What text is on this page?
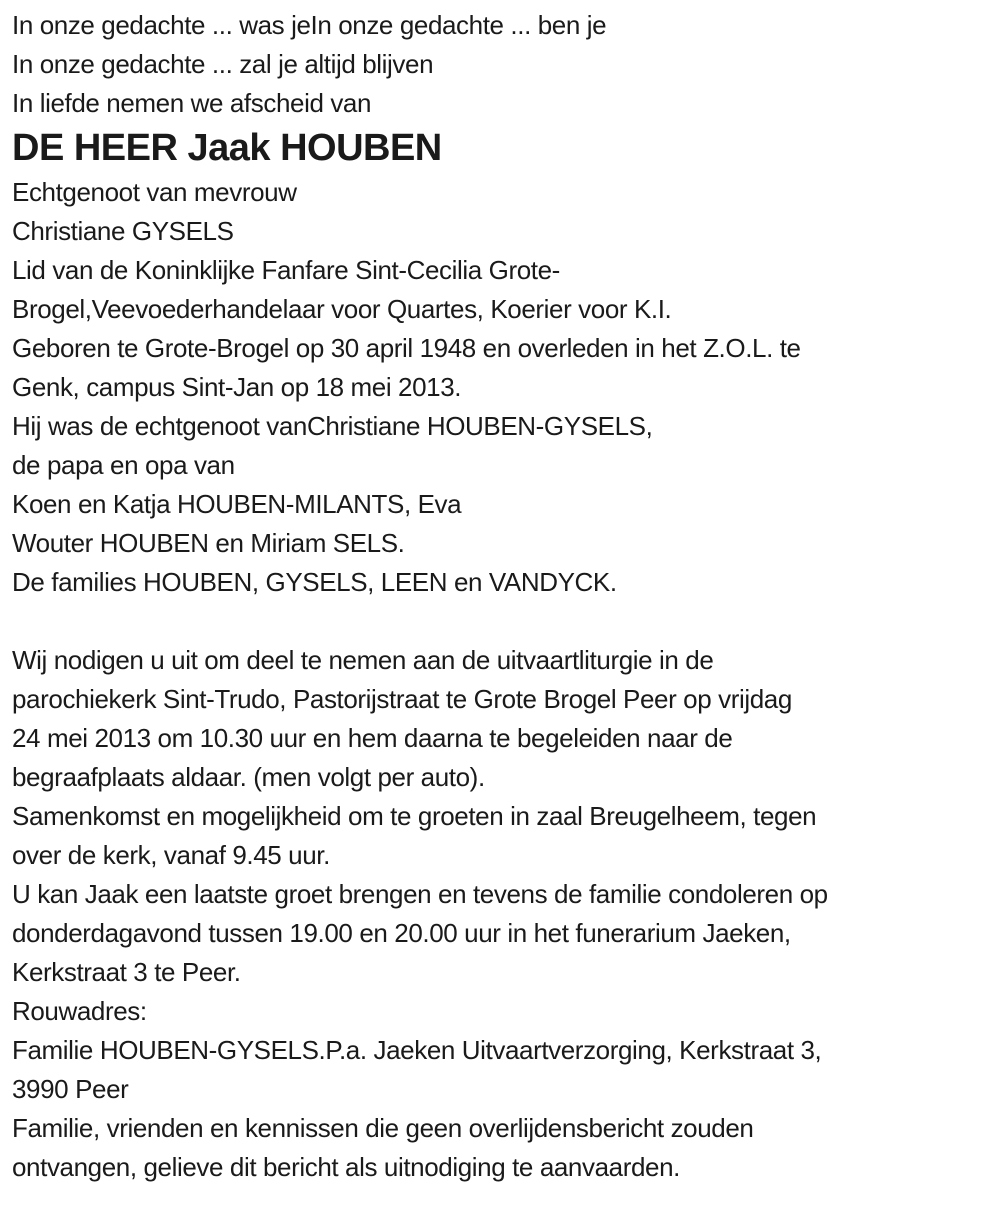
In onze gedachte ... was jeIn onze gedachte ... ben je
In onze gedachte ... zal je altijd blijven
In liefde nemen we afscheid van
DE HEER Jaak HOUBEN
Echtgenoot van mevrouw
Christiane GYSELS
Lid van de Koninklijke Fanfare Sint-Cecilia Grote-
Brogel,Veevoederhandelaar voor Quartes, Koerier voor K.I.
Geboren te Grote-Brogel op 30 april 1948 en overleden in het Z.O.L. te
Genk, campus Sint-Jan op 18 mei 2013.
Hij was de echtgenoot vanChristiane HOUBEN-GYSELS,
de papa en opa van
Koen en Katja HOUBEN-MILANTS, Eva
Wouter HOUBEN en Miriam SELS.
De families HOUBEN, GYSELS, LEEN en VANDYCK.
Wij nodigen u uit om deel te nemen aan de uitvaartliturgie in de
parochiekerk Sint-Trudo, Pastorijstraat te Grote Brogel Peer op vrijdag
24 mei 2013 om 10.30 uur en hem daarna te begeleiden naar de
begraafplaats aldaar. (men volgt per auto).
Samenkomst en mogelijkheid om te groeten in zaal Breugelheem, tegen
over de kerk, vanaf 9.45 uur.
U kan Jaak een laatste groet brengen en tevens de familie condoleren op
donderdagavond tussen 19.00 en 20.00 uur in het funerarium Jaeken,
Kerkstraat 3 te Peer.
Rouwadres:
Familie HOUBEN-GYSELS.P.a. Jaeken Uitvaartverzorging, Kerkstraat 3,
3990 Peer
Familie, vrienden en kennissen die geen overlijdensbericht zouden
ontvangen, gelieve dit bericht als uitnodiging te aanvaarden.
